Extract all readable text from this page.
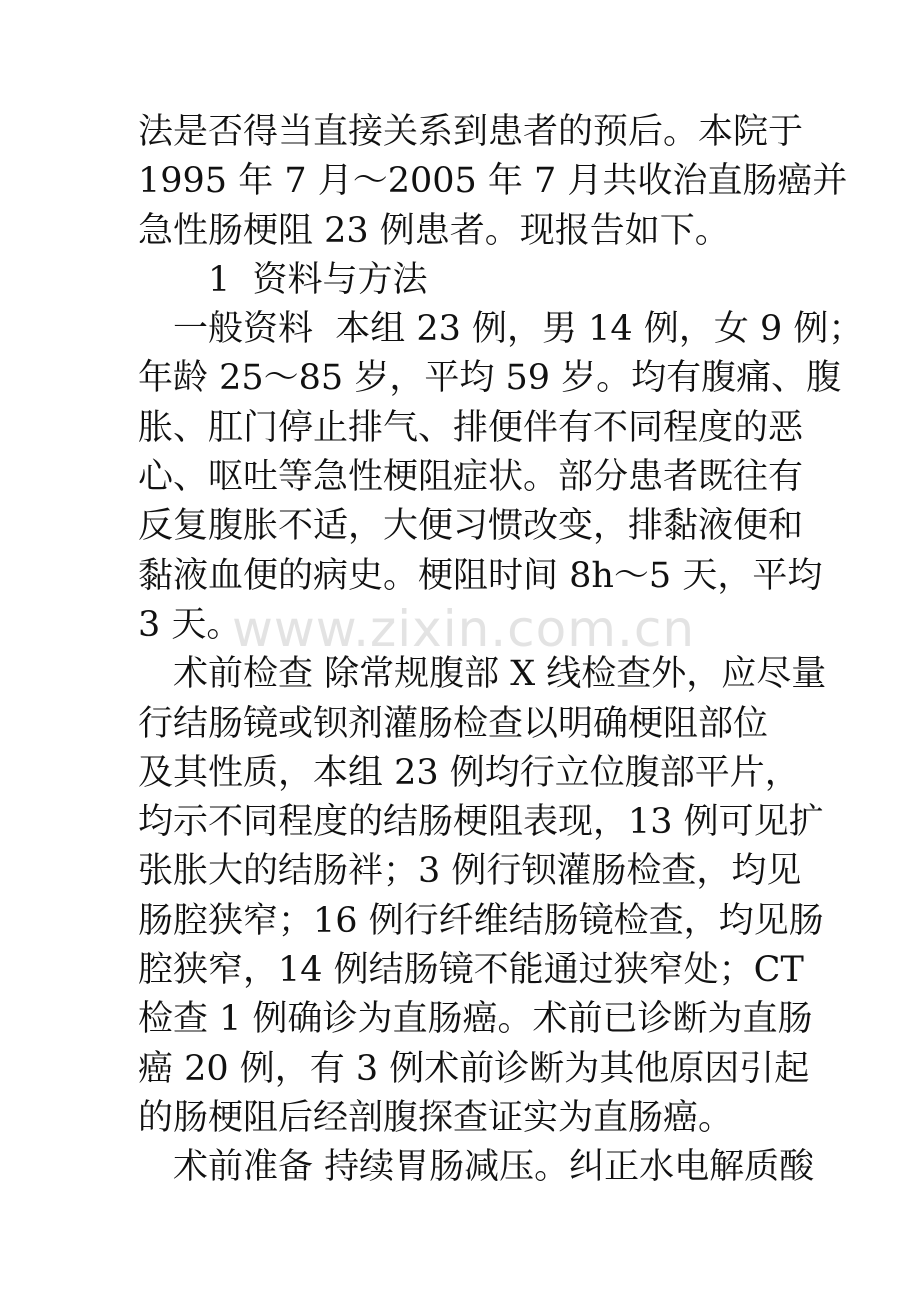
www.zixin.com.cn
法是否得当直接关系到患者的预后。本院于
1995 年 7 月～2005 年 7 月共收治直肠癌并
急性肠梗阻 23 例患者。现报告如下。
1  资料与方法
一般资料  本组 23 例，男 14 例，女 9 例；
年龄 25～85 岁，平均 59 岁。均有腹痛、腹
胀、肛门停止排气、排便伴有不同程度的恶
心、呕吐等急性梗阻症状。部分患者既往有
反复腹胀不适，大便习惯改变，排黏液便和
黏液血便的病史。梗阻时间 8h～5 天，平均
3 天。
术前检查 除常规腹部 X 线检查外，应尽量
行结肠镜或钡剂灌肠检查以明确梗阻部位
及其性质，本组 23 例均行立位腹部平片，
均示不同程度的结肠梗阻表现，13 例可见扩
张胀大的结肠袢；3 例行钡灌肠检查，均见
肠腔狭窄；16 例行纤维结肠镜检查，均见肠
腔狭窄，14 例结肠镜不能通过狭窄处；CT
检查 1 例确诊为直肠癌。术前已诊断为直肠
癌 20 例，有 3 例术前诊断为其他原因引起
的肠梗阻后经剖腹探查证实为直肠癌。
术前准备 持续胃肠减压。纠正水电解质酸
